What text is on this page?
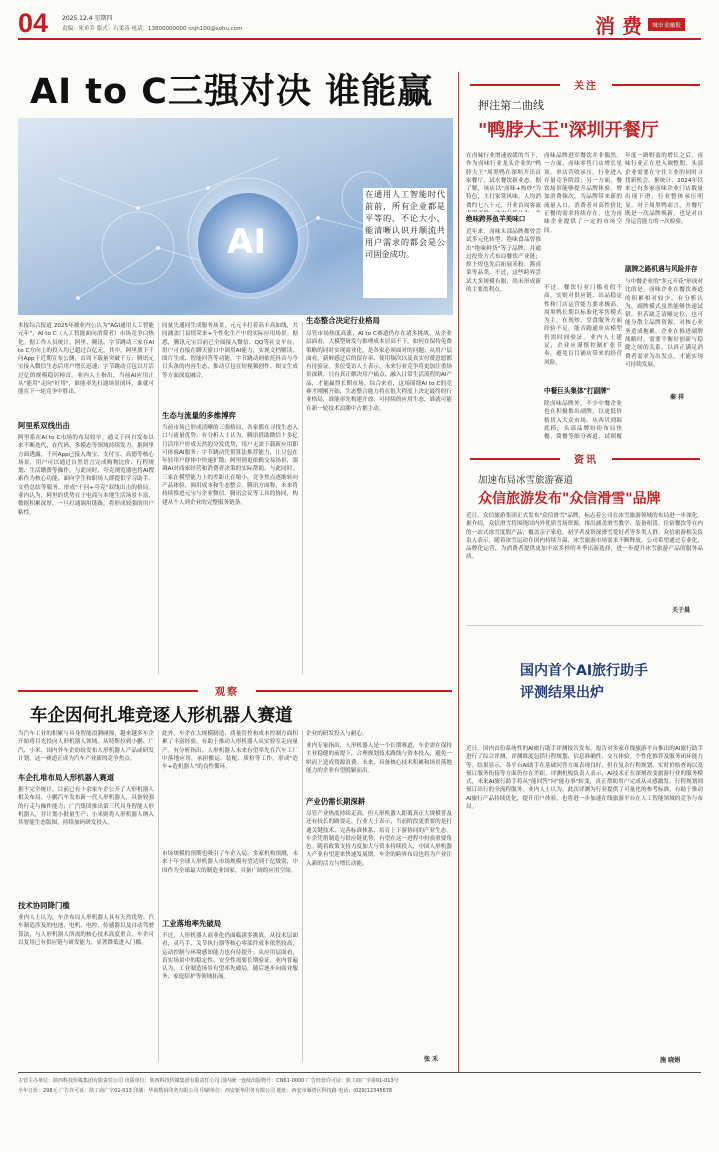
04 2025.12.4 星期四
责编：朱单乔 版式：石柔涛 电话：13800000000 cnjh100@sohu.com	消 费	城市金融报
AI to C三强对决 谁能赢
AI
在通用人工智能时代前前，所有企业都是平等的，不论大小，能清晰认识并顺流共用户需求的都会是公司固金成功。
本报综合报道 2025年被业内公认为"AGI通用人工智能元年"，AI to C（人工智能面向消费者）市场竞争白热化。据工作人员统计，阿里、腾讯、字节跳动三家在AI to C方向上的投入均已超过百亿元，其中，阿里旗下千问App于近期宣布公测，首周下载量突破千万；腾讯元宝接入微信生态后用户增长迅速；字节跳动豆包以月活过亿的规模稳居榜首。业内人士指出，当前AI应用正从"能用"走向"好用"，谁能率先打通场景闭环，谁就可能在下一轮竞争中胜出。
阿里系双线出击
阿里系在AI to C市场的布局较早。通义千问自发布以来不断迭代，在代码、多模态等领域持续发力。据阿里方面透露，千问App已接入淘宝、支付宝、高德等核心场景，用户可以通过自然语言完成购物比价、行程规划、生活缴费等操作。与此同时，夸克浏览器也将AI搜索作为核心功能，面向学生和职场人群提供学习助手、文档总结等服务，形成"千问+夸克"双线出击的格局。业内认为，阿里的优势在于电商与本地生活场景丰富，数据积累深厚，一旦打通调用链路，将形成较强的用户粘性。
同量失通同生成服务场景，元元丰打着高丰高如线，共同涵盖门县情采来+个性化生产中的实际应用场景。据悉，腾讯元宝目前已全面接入微信、QQ等社交平台，用户可直接在聊天窗口中调用AI能力，实现文档解读、图片生成、智能问答等功能，字节跳动则依托抖音与今日头条的内容生态，推动豆包在短视频创作、图文生成等方面深度融合。
生态与流量的多维博弈
当前市场已形成清晰的三强格局，各家都在寻找生态入口与流量优势。有分析人士认为，腾讯借助微信十多亿月活用户形成天然的分发优势，用户无需下载新应用即可体验AI服务；字节跳动凭借算法推荐能力，让豆包在年轻用户群体中快速扩散；阿里则更依赖交易场景，强调AI对商家经营和消费者决策的实际帮助。与此同时，三家在模型能力上的差距正在缩小，竞争焦点逐渐转向产品体验、调用成本和生态整合。腾讯方面称，未来将持续推进元宝与企业微信、腾讯会议等工具的协同，构建从个人到企业的完整服务链条。
生态整合决定行业格局
尽管市场热度高涨，AI to C赛道仍存在诸多挑战。从企业层面看，大模型研发与推理成本居高不下，如何在保持免费策略的同时实现商业化，是各家必须面对的问题；从用户层面看，新鲜感过后的留存率、使用频次以及真实付费意愿都有待验证。多位受访人士表示，未来行业竞争将更加注重场景深耕，只有真正解决用户痛点、融入日常生活流程的AI产品，才能赢得长期市场。综合来看，这场围绕AI to C的竞赛才刚刚开始，生态整合能力将在很大程度上决定最终的行业格局，谁能率先构建开放、可持续的应用生态，谁就可能在新一轮技术浪潮中占据主动。
关注
押注第二曲线
"鸭脖大王"深圳开餐厅
在卤味行业增速放缓的当下，作为卤味行业龙头企业的"鸭脖大王"周黑鸭在深圳开出首家餐厅，试水餐饮新业态。据了解，该店以"卤味+热炒"为特色，主打家常风味，人均消费约七八十元，开业首周客流
绝味跨界鱼羊美味口
近年来，卤味头部品牌都曾尝试多元化转型。绝味食品曾推出"绝味鲜货"等子品牌，并通过投资方式布局餐饮产业链；煌上煌也先后拓展米粉、酱卤菜等品类。不过，这些跨界尝试大多规模有限，尚未形成新的主要盈利点。
卤味品牌进军餐饮并非偶然。一方面，卤味零售门店增长见顶，单店营收承压，行业进入存量竞争阶段；另一方面，餐饮场景能够提升品牌体验，增加消费频次，为品牌带来新的流量入口。消费者对高性价比正餐的需求持续存在，也为卤味企业提供了一定的市场空间。
不过，餐饮行业门槛看似不高，实则对供应链、出品稳定性和门店运营能力要求极高。周黑鸭长期以标准化零售模式为主，在现炒、堂食服务方面经验不足，能否跑通单店模型仍需时间验证。业内人士建议，企业应谨慎控制扩张节奏，避免盲目铺店带来的经营风险。
中餐巨头集体"打副牌"
除卤味品牌外，不少中餐企业也在积极推出副牌，以更低价格切入大众市场。从西贝到海底捞，头部品牌纷纷布局快餐、简餐等细分赛道，试图覆
年度一路野蛮的增长之后，卤味行业正在进入调整期，头部企业需要在守住主业的同时寻找新机会。据统计，2024年以来已有多家卤味企业门店数量出现下滑，行业整体承压明显。对于周黑鸭而言，开餐厅既是一次品牌焕新，也是对自身运营能力的一次检验。
副牌之路机遇与风险并存
与中餐企业的"多元开花"形成对比的是，卤味企业在餐饮赛道的积累相对较少。有分析认为，副牌模式虽然能够快速试错，但若缺乏清晰定位，也可能分散主品牌资源，对核心业务造成拖累。企业在推进副牌战略时，需要平衡好创新与稳健之间的关系，以真正满足消费者需求为出发点，才能实现可持续发展。
秦 祥
资讯
加速布局冰雪旅游赛道
众信旅游发布"众信滑雪"品牌
近日，众信旅游集团正式发布"众信滑雪"品牌，标志着公司在冰雪旅游领域的布局进一步深化。据介绍，众信滑雪将围绕国内外优质雪场资源，推出涵盖滑雪教学、装备租赁、住宿餐饮等在内的一站式冰雪度假产品，覆盖亲子家庭、初学者及资深滑雪爱好者等多类人群。众信旅游相关负责人表示，随着冰雪运动在国内持续升温，冰雪旅游市场需求不断释放，公司希望通过专业化、品牌化运营，为消费者提供更加丰富多样的冬季出游选择，进一步提升冰雪旅游产品的服务品质。
关于晨
观察
车企因何扎堆竞逐人形机器人赛道
当汽车工业的积累与具身智能浪潮碰撞，越来越多车企开始将目光投向人形机器人领域。从特斯拉到小鹏、广汽、小米，国内外车企纷纷发布人形机器人产品或研发计划，这一赛道正成为汽车产业新的竞争焦点。
车企扎堆布局人形机器人赛道
据不完全统计，目前已有十余家车企公开了人形机器人相关布局。小鹏汽车发布新一代人形机器人，具备较强的行走与操作能力；广汽集团推出第三代具身智能人形机器人，并计划小批量生产；小米则将人形机器人纳入其智能生态版图，持续加码研发投入。
技术协同降门槛
业内人士认为，车企布局人形机器人具有天然优势。汽车制造涉及的电池、电机、电控、传感器以及自动驾驶算法，与人形机器人所需的核心技术高度重合，车企可以复用已有供应链与研发能力，显著降低进入门槛。
此外，车企在大规模制造、质量管控和成本控制方面积累了丰富经验，有助于推动人形机器人从实验室走向量产。有分析指出，人形机器人未来有望率先在汽车工厂中落地应用，承担搬运、装配、质检等工作，形成"造车+造机器人"的良性循环。
市场规模的预期也吸引了车企入局。多家机构预测，未来十年全球人形机器人市场规模有望达到千亿级别，中国作为全球最大的制造业国家，具备广阔的应用空间。
工业落地率先破局
不过，人形机器人商业化仍面临诸多挑战。从技术层面看，灵巧手、关节执行器等核心零部件成本依然较高，运动控制与环境感知能力也有待提升；从应用层面看，真实场景中的稳定性、安全性需要长期验证。业内普遍认为，工业制造场景有望率先破局，随后逐步向商业服务、家庭陪护等领域拓展。
企业的研发投入与耐心。
业内专家指出，人形机器人是一个长期赛道，车企需在保持主业稳健的前提下，合理规划技术路线与资本投入，避免一哄而上造成资源浪费。未来，具备核心技术积累和场景落地能力的企业有望脱颖而出。
产业仍需长期深耕
尽管产业热度持续走高，但人形机器人距离真正大规模普及还有较长的路要走。行业人士表示，当前阶段更重要的是打通关键技术、完善标准体系、培育上下游协同的产业生态。车企凭借制造与供应链优势，有望在这一进程中扮演重要角色。随着政策支持力度加大与资本持续投入，中国人形机器人产业有望迎来快速发展期，车企的跨界布局也将为产业注入新的活力与增长动能。
张 禾
国内首个AI旅行助手评测结果出炉
近日，国内首份系统性的AI旅行助手评测报告发布。报告对多家在线旅游平台推出的AI旅行助手进行了综合评测，评测维度包括行程规划、信息准确性、交互体验、个性化推荐及服务闭环能力等。结果显示，各平台AI助手在基础问答方面表现良好，但在复杂行程规划、实时价格查询以及预订服务衔接等方面仍存在差距。评测机构负责人表示，AI技术正在深刻改变旅游行业的服务模式，未来AI旅行助手将从"能回答"向"能办事"转变，真正帮助用户完成从灵感激发、行程规划到预订出行的全流程服务。业内人士认为，此次评测为行业提供了可量化的参考标准，有助于推动AI旅行产品持续优化，提升用户体验，也将进一步加速在线旅游平台在人工智能领域的竞争与布局。
施 晓娟
主管主办单位：陕西科技传媒集团有限责任公司 出版单位：陕西科技传媒集团有限责任公司 国内统一连续出版物号：CN61-0000 广告经营许可证：陕工商广字第01-013号
全年订价：298元 广告许可证：陕工商广字01-013 印刷：华商数码印务有限公司 印刷单位：西安新华印务有限公司 地址：西安市雁塔区科技路 电话：(029)12345678
